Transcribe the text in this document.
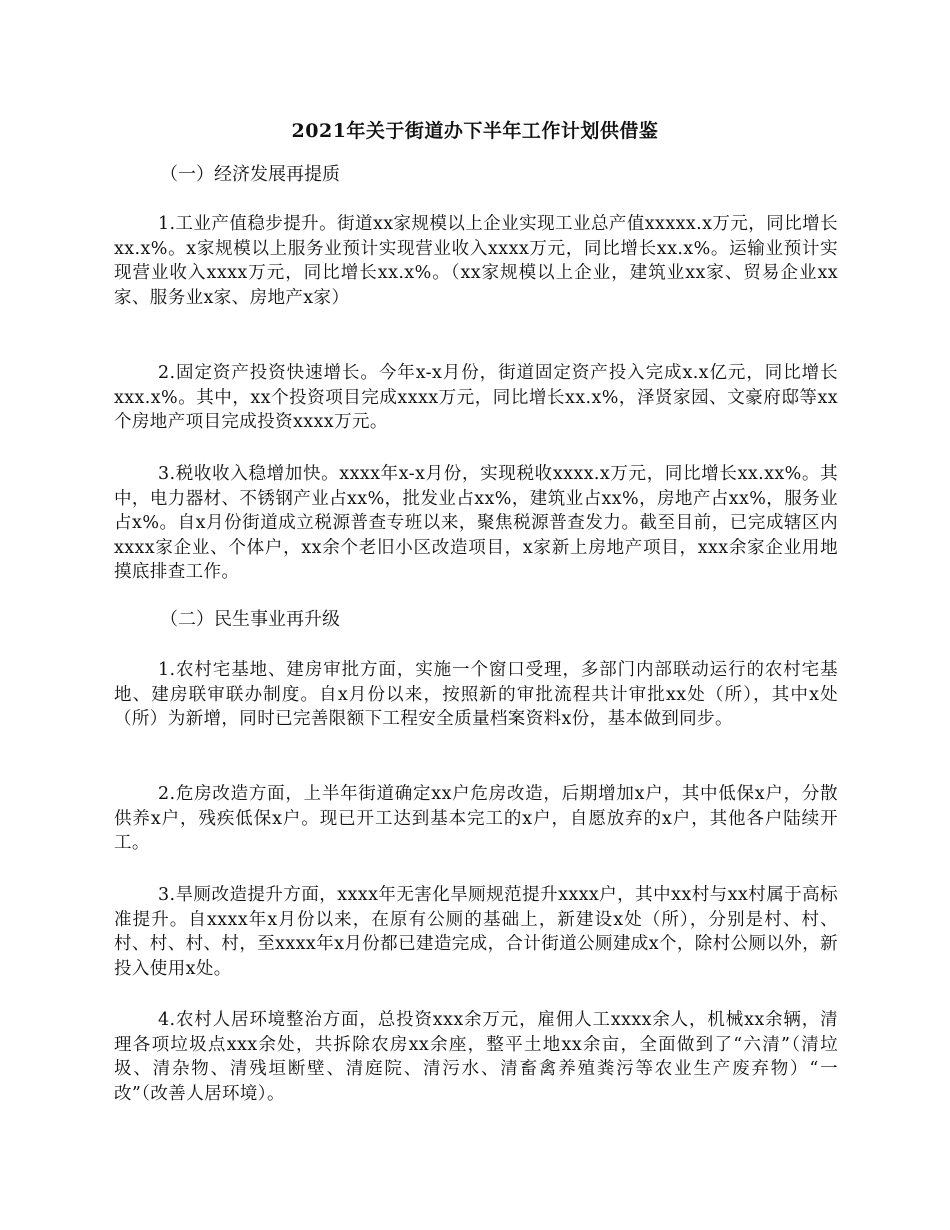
2021年关于街道办下半年工作计划供借鉴
（一）经济发展再提质

1.工业产值稳步提升。街道xx家规模以上企业实现工业总产值xxxxx.x万元，同比增长xx.x%。x家规模以上服务业预计实现营业收入xxxx万元，同比增长xx.x%。运输业预计实现营业收入xxxx万元，同比增长xx.x%。（xx家规模以上企业，建筑业xx家、贸易企业xx家、服务业x家、房地产x家）

2.固定资产投资快速增长。今年x-x月份，街道固定资产投入完成x.x亿元，同比增长xxx.x%。其中，xx个投资项目完成xxxx万元，同比增长xx.x%，泽贤家园、文豪府邸等xx个房地产项目完成投资xxxx万元。

3.税收收入稳增加快。xxxx年x-x月份，实现税收xxxx.x万元，同比增长xx.xx%。其中，电力器材、不锈钢产业占xx%，批发业占xx%，建筑业占xx%，房地产占xx%，服务业占x%。自x月份街道成立税源普查专班以来，聚焦税源普查发力。截至目前，已完成辖区内xxxx家企业、个体户，xx余个老旧小区改造项目，x家新上房地产项目，xxx余家企业用地摸底排查工作。

（二）民生事业再升级

1.农村宅基地、建房审批方面，实施一个窗口受理，多部门内部联动运行的农村宅基地、建房联审联办制度。自x月份以来，按照新的审批流程共计审批xx处（所），其中x处（所）为新增，同时已完善限额下工程安全质量档案资料x份，基本做到同步。

2.危房改造方面，上半年街道确定xx户危房改造，后期增加x户，其中低保x户，分散供养x户，残疾低保x户。现已开工达到基本完工的x户，自愿放弃的x户，其他各户陆续开工。

3.旱厕改造提升方面，xxxx年无害化旱厕规范提升xxxx户，其中xx村与xx村属于高标准提升。自xxxx年x月份以来，在原有公厕的基础上，新建设x处（所），分别是村、村、村、村、村、村，至xxxx年x月份都已建造完成，合计街道公厕建成x个，除村公厕以外，新投入使用x处。

4.农村人居环境整治方面，总投资xxx余万元，雇佣人工xxxx余人，机械xx余辆，清理各项垃圾点xxx余处，共拆除农房xx余座，整平土地xx余亩，全面做到了“六清”（清垃圾、清杂物、清残垣断壁、清庭院、清污水、清畜禽养殖粪污等农业生产废弃物）“一改”（改善人居环境）。
